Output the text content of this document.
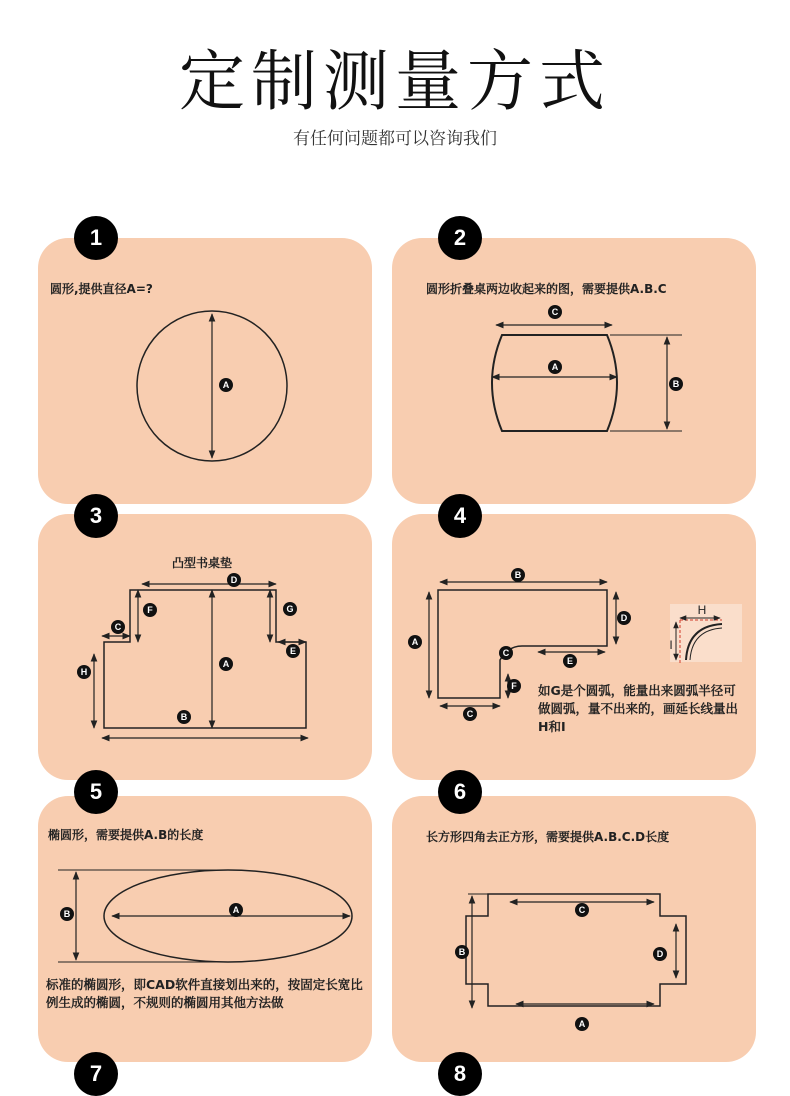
定制测量方式
有任何问题都可以咨询我们
圆形,提供直径A=?
A
1
圆形折叠桌两边收起来的图，需要提供A.B.C
C
A
B
2
凸型书桌垫
D
F	G
C
E
A
H
B
3
B
A
D
C
E
F
C
H
I
如G是个圆弧，能量出来圆弧半径可做圆弧，量不出来的，画延长线量出H和I
4
椭圆形，需要提供A.B的长度
A
B
标准的椭圆形，即CAD软件直接划出来的，按固定长宽比例生成的椭圆，不规则的椭圆用其他方法做
5
长方形四角去正方形，需要提供A.B.C.D长度
C
D
B
A
6
7	8
